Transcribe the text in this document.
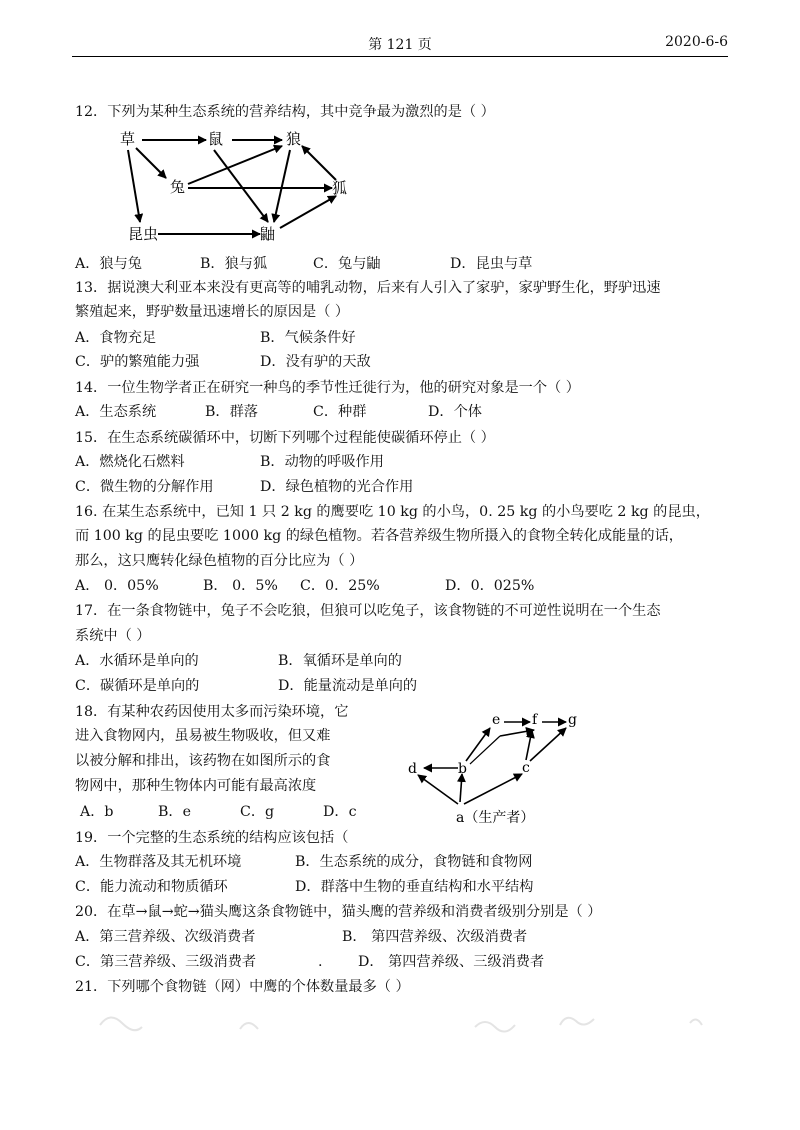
第 121 页	2020-6-6
12．下列为某种生态系统的营养结构，其中竞争最为激烈的是（ ）
草	鼠	狼
兔	狐
昆虫	鼬
A．狼与兔	B．狼与狐	C．兔与鼬	D．昆虫与草
13．据说澳大利亚本来没有更高等的哺乳动物，后来有人引入了家驴，家驴野生化，野驴迅速
繁殖起来，野驴数量迅速增长的原因是（ ）
A．食物充足	B．气候条件好
C．驴的繁殖能力强	D．没有驴的天敌
14．一位生物学者正在研究一种鸟的季节性迁徙行为，他的研究对象是一个（ ）
A．生态系统	B．群落	C．种群	D．个体
15．在生态系统碳循环中，切断下列哪个过程能使碳循环停止（ ）
A．燃烧化石燃料	B．动物的呼吸作用
C．微生物的分解作用	D．绿色植物的光合作用
16. 在某生态系统中，已知 1 只 2 kg 的鹰要吃 10 kg 的小鸟，0. 25 kg 的小鸟要吃 2 kg 的昆虫，
而 100 kg 的昆虫要吃 1000 kg 的绿色植物。若各营养级生物所摄入的食物全转化成能量的话，
那么，这只鹰转化绿色植物的百分比应为（ ）
A． 0．05%	B． 0．5% C．0．25%	D．0．025%
17．在一条食物链中，兔子不会吃狼，但狼可以吃兔子，该食物链的不可逆性说明在一个生态
系统中（ ）
A．水循环是单向的	B．氧循环是单向的
C．碳循环是单向的	D．能量流动是单向的
18．有某种农药因使用太多而污染环境，它
进入食物网内，虽易被生物吸收，但又难
以被分解和排出，该药物在如图所示的食
物网中，那种生物体内可能有最高浓度
A．b	B．e	C．g	D．c
d	b	c
e f g
a（生产者）
19．一个完整的生态系统的结构应该包括（
A．生物群落及其无机环境	B．生态系统的成分，食物链和食物网
C．能力流动和物质循环	D．群落中生物的垂直结构和水平结构
20．在草→鼠→蛇→猫头鹰这条食物链中，猫头鹰的营养级和消费者级别分别是（ ）
A．第三营养级、次级消费者	B． 第四营养级、次级消费者
C．第三营养级、三级消费者	. D． 第四营养级、三级消费者
21．下列哪个食物链（网）中鹰的个体数量最多（ ）
